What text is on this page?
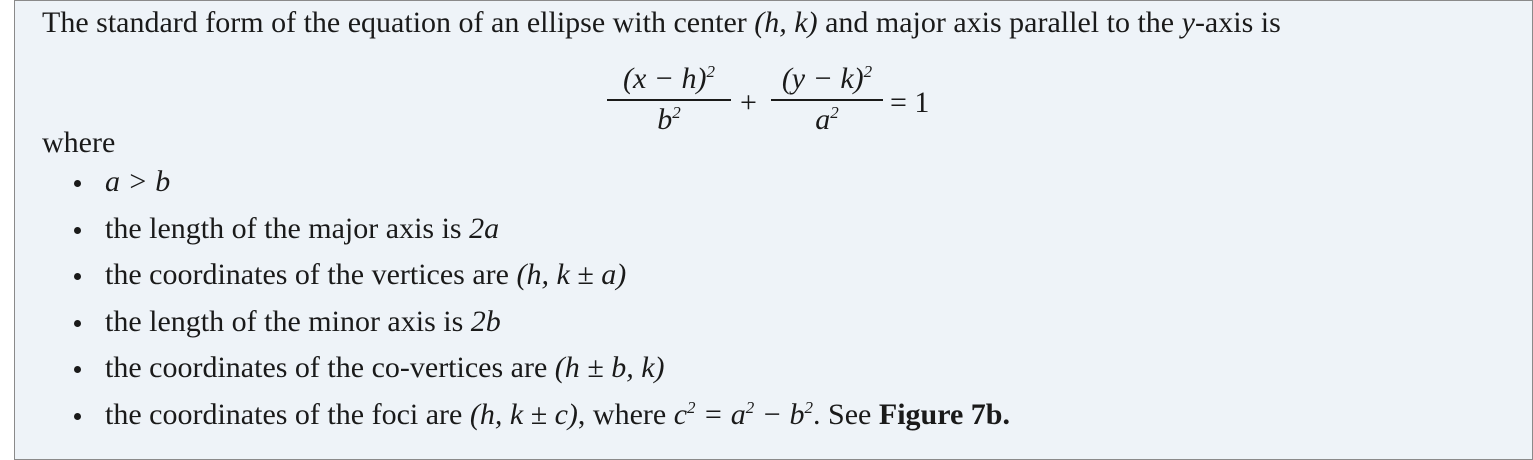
The standard form of the equation of an ellipse with center (h, k) and major axis parallel to the y-axis is
$(x - h)^2$
$b^2$	+
$(y - k)^2$
$a^2$	= 1
where
a > b
the length of the major axis is 2a
the coordinates of the vertices are (h, k ± a)
the length of the minor axis is 2b
the coordinates of the co-vertices are (h ± b, k)
the coordinates of the foci are (h, k ± c), where $c^2 = a^2 - b^2$. See Figure 7b.
